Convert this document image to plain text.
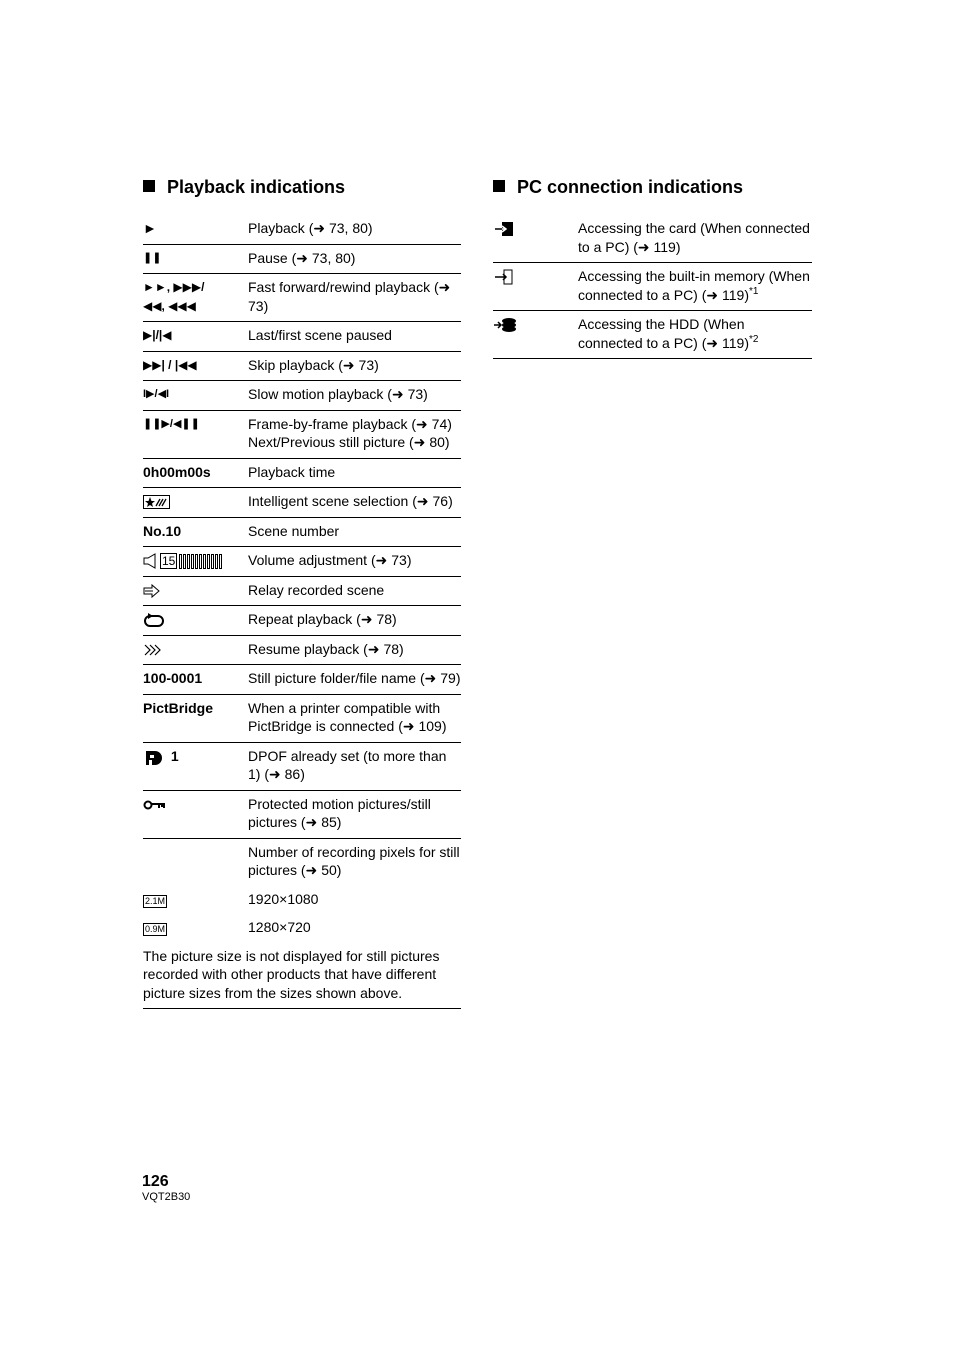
Playback indications
►	Playback (➜ 73, 80)
❚❚	Pause (➜ 73, 80)
►►, ▶▶▶/
◀◀, ◀◀◀
Fast forward/rewind playback (➜ 73)
▶|/|◀	Last/first scene paused
▶▶| / |◀◀	Skip playback (➜ 73)
I▶/◀I	Slow motion playback (➜ 73)
❚❚▶/◀❚❚	Frame-by-frame playback (➜ 74)
Next/Previous still picture (➜ 80)
0h00m00s	Playback time
Intelligent scene selection (➜ 76)
No.10	Scene number
15	Volume adjustment (➜ 73)
Relay recorded scene
Repeat playback (➜ 78)
Resume playback (➜ 78)
100-0001	Still picture folder/file name (➜ 79)
PictBridge	When a printer compatible with PictBridge is connected (➜ 109)
1	DPOF already set (to more than 1) (➜ 86)
Protected motion pictures/still pictures (➜ 85)
Number of recording pixels for still pictures (➜ 50)
2.1M	1920×1080
0.9M	1280×720
The picture size is not displayed for still pictures recorded with other products that have different picture sizes from the sizes shown above.
PC connection indications
Accessing the card (When connected to a PC) (➜ 119)
Accessing the built-in memory (When connected to a PC) (➜ 119)$^{*1}$
Accessing the HDD (When connected to a PC) (➜ 119)$^{*2}$
126
VQT2B30
